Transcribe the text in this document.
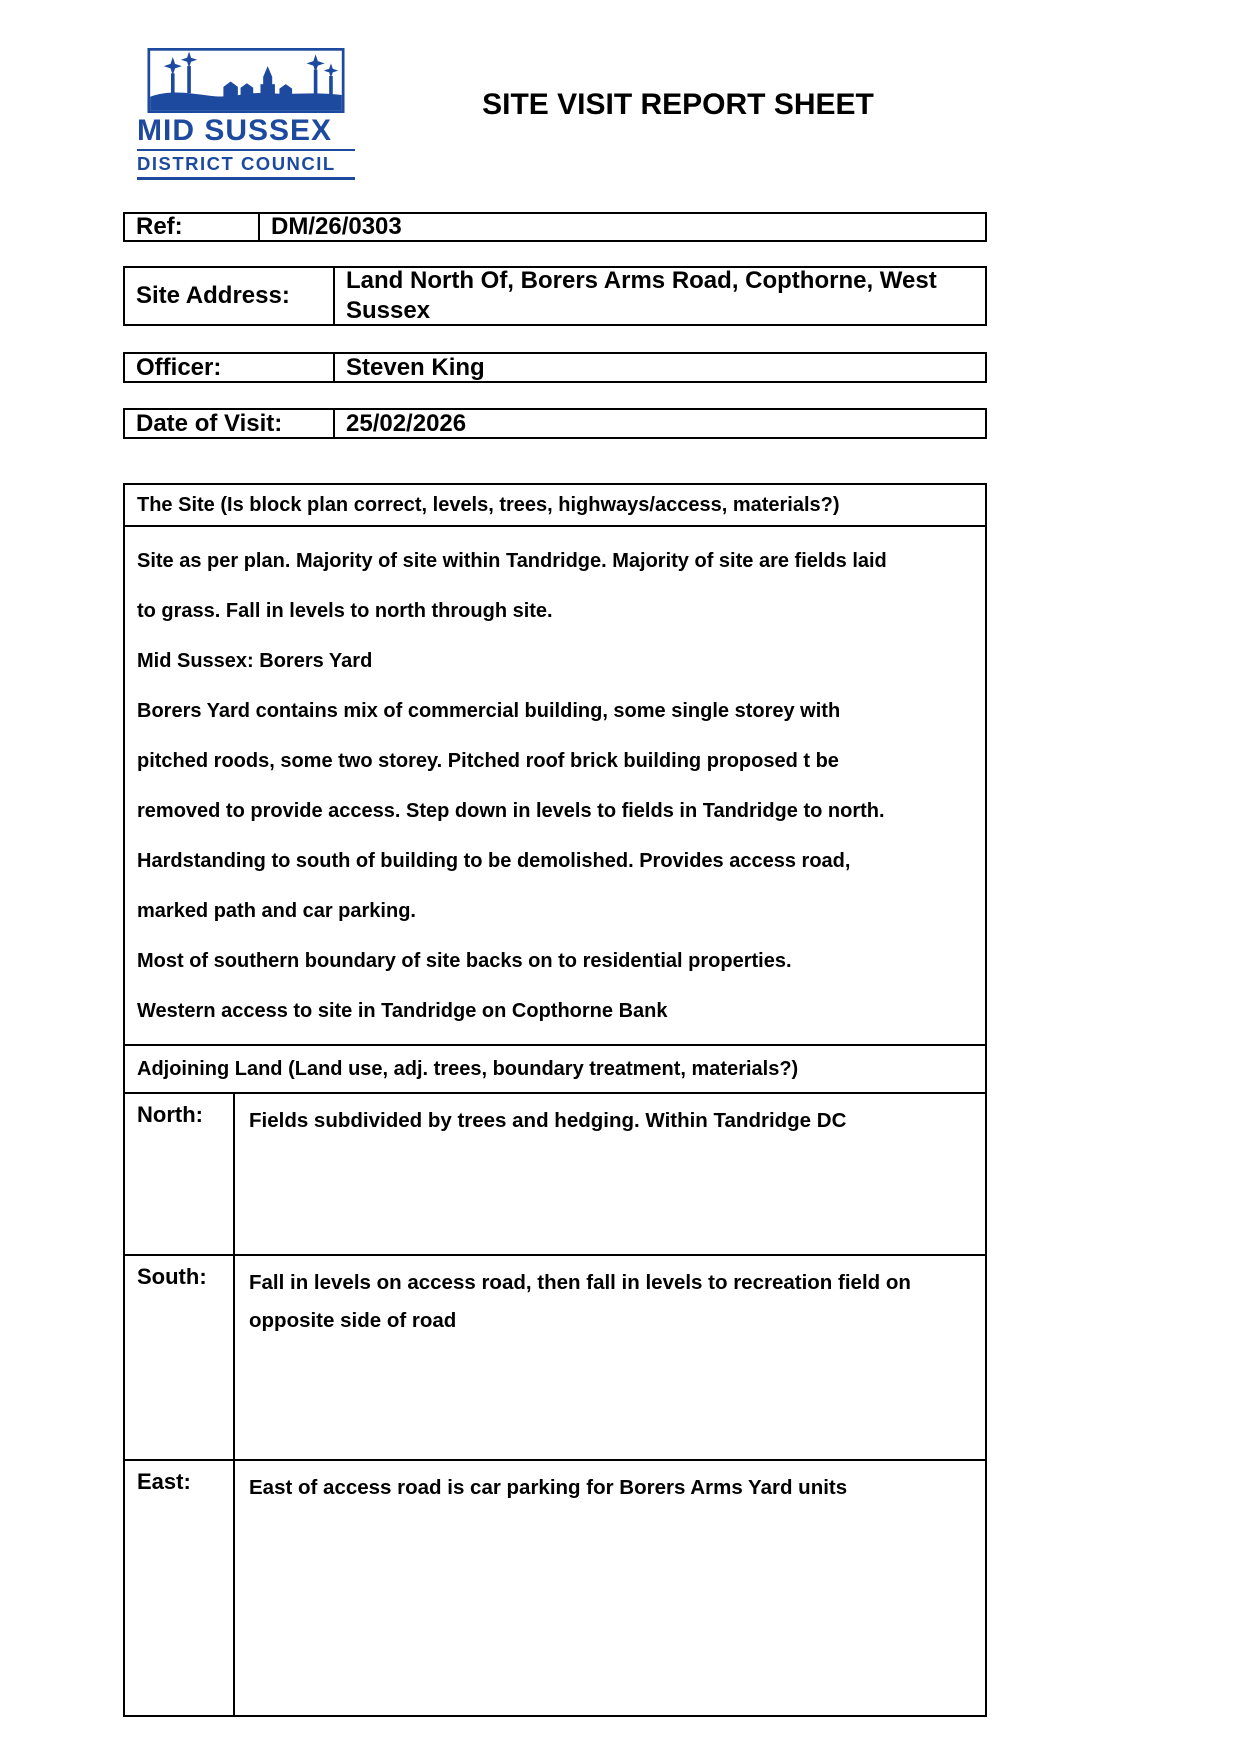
MID SUSSEX
DISTRICT COUNCIL
SITE VISIT REPORT SHEET
Ref:	DM/26/0303
Site Address:
Land North Of, Borers Arms Road, Copthorne, West Sussex
Officer:	Steven King
Date of Visit:	25/02/2026
The Site (Is block plan correct, levels, trees, highways/access, materials?)
Site as per plan. Majority of site within Tandridge. Majority of site are fields laid
to grass. Fall in levels to north through site.
Mid Sussex: Borers Yard
Borers Yard contains mix of commercial building, some single storey with
pitched roods, some two storey. Pitched roof brick building proposed t be
removed to provide access. Step down in levels to fields in Tandridge to north.
Hardstanding to south of building to be demolished. Provides access road,
marked path and car parking.
Most of southern boundary of site backs on to residential properties.
Western access to site in Tandridge on Copthorne Bank
Adjoining Land (Land use, adj. trees, boundary treatment, materials?)
North:	Fields subdivided by trees and hedging. Within Tandridge DC
South:	Fall in levels on access road, then fall in levels to recreation field on opposite side of road
East:	East of access road is car parking for Borers Arms Yard units
